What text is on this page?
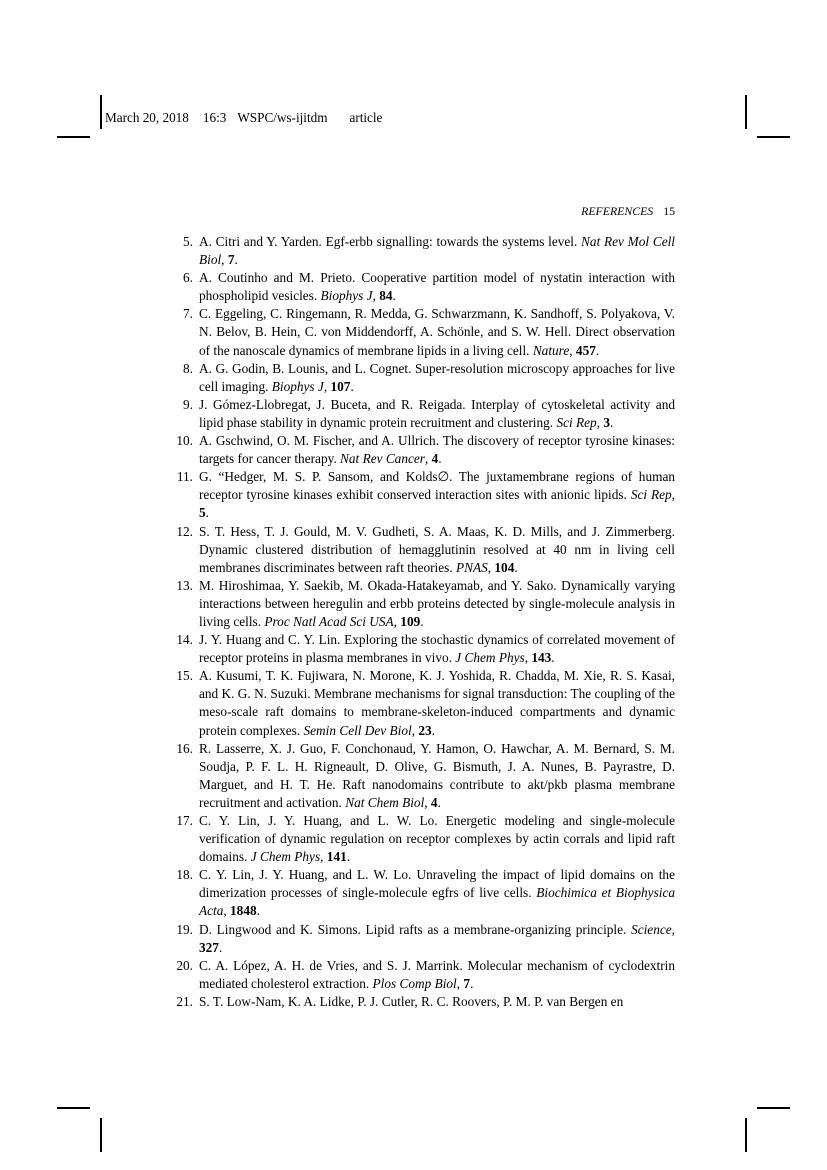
March 20, 2018 16:3 WSPC/ws-ijitdm article
REFERENCES 15
5. A. Citri and Y. Yarden. Egf-erbb signalling: towards the systems level. Nat Rev Mol Cell Biol, 7.
6. A. Coutinho and M. Prieto. Cooperative partition model of nystatin interaction with phospholipid vesicles. Biophys J, 84.
7. C. Eggeling, C. Ringemann, R. Medda, G. Schwarzmann, K. Sandhoff, S. Polyakova, V. N. Belov, B. Hein, C. von Middendorff, A. Schönle, and S. W. Hell. Direct observation of the nanoscale dynamics of membrane lipids in a living cell. Nature, 457.
8. A. G. Godin, B. Lounis, and L. Cognet. Super-resolution microscopy approaches for live cell imaging. Biophys J, 107.
9. J. Gómez-Llobregat, J. Buceta, and R. Reigada. Interplay of cytoskeletal activity and lipid phase stability in dynamic protein recruitment and clustering. Sci Rep, 3.
10. A. Gschwind, O. M. Fischer, and A. Ullrich. The discovery of receptor tyrosine kinases: targets for cancer therapy. Nat Rev Cancer, 4.
11. G. “Hedger, M. S. P. Sansom, and Kolds∅. The juxtamembrane regions of human receptor tyrosine kinases exhibit conserved interaction sites with anionic lipids. Sci Rep, 5.
12. S. T. Hess, T. J. Gould, M. V. Gudheti, S. A. Maas, K. D. Mills, and J. Zimmerberg. Dynamic clustered distribution of hemagglutinin resolved at 40 nm in living cell membranes discriminates between raft theories. PNAS, 104.
13. M. Hiroshimaa, Y. Saekib, M. Okada-Hatakeyamab, and Y. Sako. Dynamically varying interactions between heregulin and erbb proteins detected by single-molecule analysis in living cells. Proc Natl Acad Sci USA, 109.
14. J. Y. Huang and C. Y. Lin. Exploring the stochastic dynamics of correlated movement of receptor proteins in plasma membranes in vivo. J Chem Phys, 143.
15. A. Kusumi, T. K. Fujiwara, N. Morone, K. J. Yoshida, R. Chadda, M. Xie, R. S. Kasai, and K. G. N. Suzuki. Membrane mechanisms for signal transduction: The coupling of the meso-scale raft domains to membrane-skeleton-induced compartments and dynamic protein complexes. Semin Cell Dev Biol, 23.
16. R. Lasserre, X. J. Guo, F. Conchonaud, Y. Hamon, O. Hawchar, A. M. Bernard, S. M. Soudja, P. F. L. H. Rigneault, D. Olive, G. Bismuth, J. A. Nunes, B. Payrastre, D. Marguet, and H. T. He. Raft nanodomains contribute to akt/pkb plasma membrane recruitment and activation. Nat Chem Biol, 4.
17. C. Y. Lin, J. Y. Huang, and L. W. Lo. Energetic modeling and single-molecule verification of dynamic regulation on receptor complexes by actin corrals and lipid raft domains. J Chem Phys, 141.
18. C. Y. Lin, J. Y. Huang, and L. W. Lo. Unraveling the impact of lipid domains on the dimerization processes of single-molecule egfrs of live cells. Biochimica et Biophysica Acta, 1848.
19. D. Lingwood and K. Simons. Lipid rafts as a membrane-organizing principle. Science, 327.
20. C. A. López, A. H. de Vries, and S. J. Marrink. Molecular mechanism of cyclodextrin mediated cholesterol extraction. Plos Comp Biol, 7.
21. S. T. Low-Nam, K. A. Lidke, P. J. Cutler, R. C. Roovers, P. M. P. van Bergen en
